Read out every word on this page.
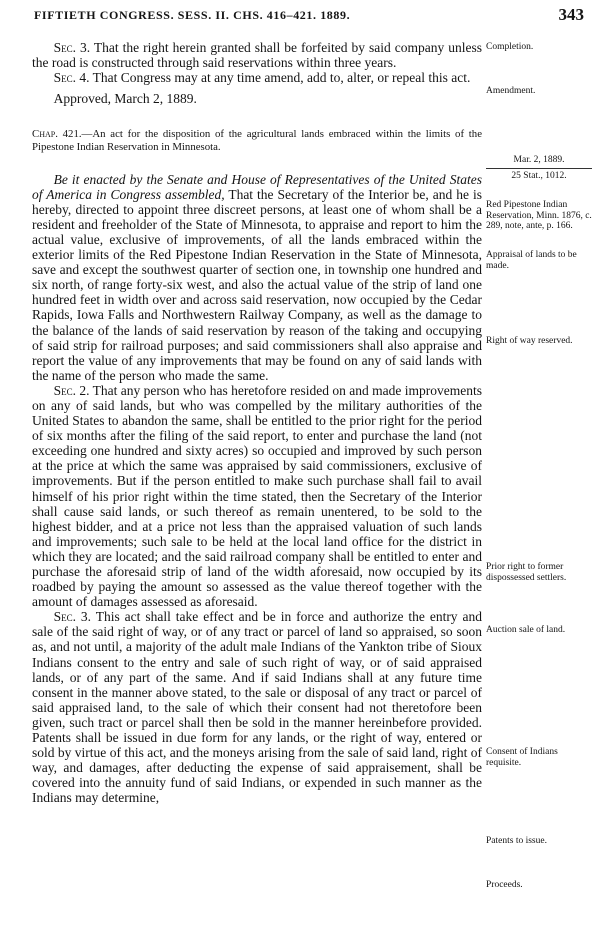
FIFTIETH CONGRESS. SESS. II. CHS. 416–421. 1889.	343

Sec. 3. That the right herein granted shall be forfeited by said company unless the road is constructed through said reservations within three years.

Sec. 4. That Congress may at any time amend, add to, alter, or repeal this act.

Approved, March 2, 1889.

Chap. 421.—An act for the disposition of the agricultural lands embraced within the limits of the Pipestone Indian Reservation in Minnesota.

Be it enacted by the Senate and House of Representatives of the United States of America in Congress assembled, That the Secretary of the Interior be, and he is hereby, directed to appoint three discreet persons, at least one of whom shall be a resident and freeholder of the State of Minnesota, to appraise and report to him the actual value, exclusive of improvements, of all the lands embraced within the exterior limits of the Red Pipestone Indian Reservation in the State of Minnesota, save and except the southwest quarter of section one, in township one hundred and six north, of range forty-six west, and also the actual value of the strip of land one hundred feet in width over and across said reservation, now occupied by the Cedar Rapids, Iowa Falls and Northwestern Railway Company, as well as the damage to the balance of the lands of said reservation by reason of the taking and occupying of said strip for railroad purposes; and said commissioners shall also appraise and report the value of any improvements that may be found on any of said lands with the name of the person who made the same.

Sec. 2. That any person who has heretofore resided on and made improvements on any of said lands, but who was compelled by the military authorities of the United States to abandon the same, shall be entitled to the prior right for the period of six months after the filing of the said report, to enter and purchase the land (not exceeding one hundred and sixty acres) so occupied and improved by such person at the price at which the same was appraised by said commissioners, exclusive of improvements. But if the person entitled to make such purchase shall fail to avail himself of his prior right within the time stated, then the Secretary of the Interior shall cause said lands, or such thereof as remain unentered, to be sold to the highest bidder, and at a price not less than the appraised valuation of such lands and improvements; such sale to be held at the local land office for the district in which they are located; and the said railroad company shall be entitled to enter and purchase the aforesaid strip of land of the width aforesaid, now occupied by its roadbed by paying the amount so assessed as the value thereof together with the amount of damages assessed as aforesaid.

Sec. 3. This act shall take effect and be in force and authorize the entry and sale of the said right of way, or of any tract or parcel of land so appraised, so soon as, and not until, a majority of the adult male Indians of the Yankton tribe of Sioux Indians consent to the entry and sale of such right of way, or of said appraised lands, or of any part of the same. And if said Indians shall at any future time consent in the manner above stated, to the sale or disposal of any tract or parcel of said appraised land, to the sale of which their consent had not theretofore been given, such tract or parcel shall then be sold in the manner hereinbefore provided. Patents shall be issued in due form for any lands, or the right of way, entered or sold by virtue of this act, and the moneys arising from the sale of said land, right of way, and damages, after deducting the expense of said appraisement, shall be covered into the annuity fund of said Indians, or expended in such manner as the Indians may determine,

Completion.
Amendment.
Mar. 2, 1889.
25 Stat., 1012.
Red Pipestone Indian Reservation, Minn. 1876, c. 289, note, ante, p. 166.
Appraisal of lands to be made.
Right of way reserved.
Prior right to former dispossessed settlers.
Auction sale of land.
Consent of Indians requisite.
Patents to issue.
Proceeds.
